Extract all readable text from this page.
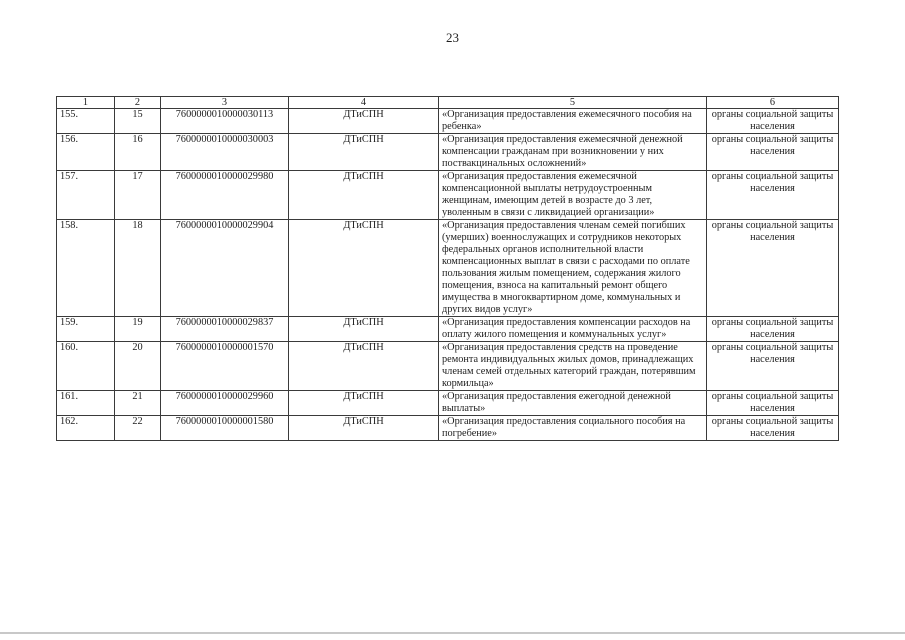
23
1	2	3	4	5	6
155.	15	7600000010000030113	ДТиСПН	«Организация предоставления ежемесячного пособия на ребенка»	органы социальной защиты населения
156.	16	7600000010000030003	ДТиСПН	«Организация предоставления ежемесячной денежной компенсации гражданам при возникновении у них поствакцинальных осложнений»	органы социальной защиты населения
157.	17	7600000010000029980	ДТиСПН	«Организация предоставления ежемесячной компенсационной выплаты нетрудоустроенным женщинам, имеющим детей в возрасте до 3 лет, уволенным в связи с ликвидацией организации»	органы социальной защиты населения
158.	18	7600000010000029904	ДТиСПН	«Организация предоставления членам семей погибших (умерших) военнослужащих и сотрудников некоторых федеральных органов исполнительной власти компенсационных выплат в связи с расходами по оплате пользования жилым помещением, содержания жилого помещения, взноса на капитальный ремонт общего имущества в многоквартирном доме, коммунальных и других видов услуг»	органы социальной защиты населения
159.	19	7600000010000029837	ДТиСПН	«Организация предоставления компенсации расходов на оплату жилого помещения и коммунальных услуг»	органы социальной защиты населения
160.	20	7600000010000001570	ДТиСПН	«Организация предоставления средств на проведение ремонта индивидуальных жилых домов, принадлежащих членам семей отдельных категорий граждан, потерявшим кормильца»	органы социальной защиты населения
161.	21	7600000010000029960	ДТиСПН	«Организация предоставления ежегодной денежной выплаты»	органы социальной защиты населения
162.	22	7600000010000001580	ДТиСПН	«Организация предоставления социального пособия на погребение»	органы социальной защиты населения
